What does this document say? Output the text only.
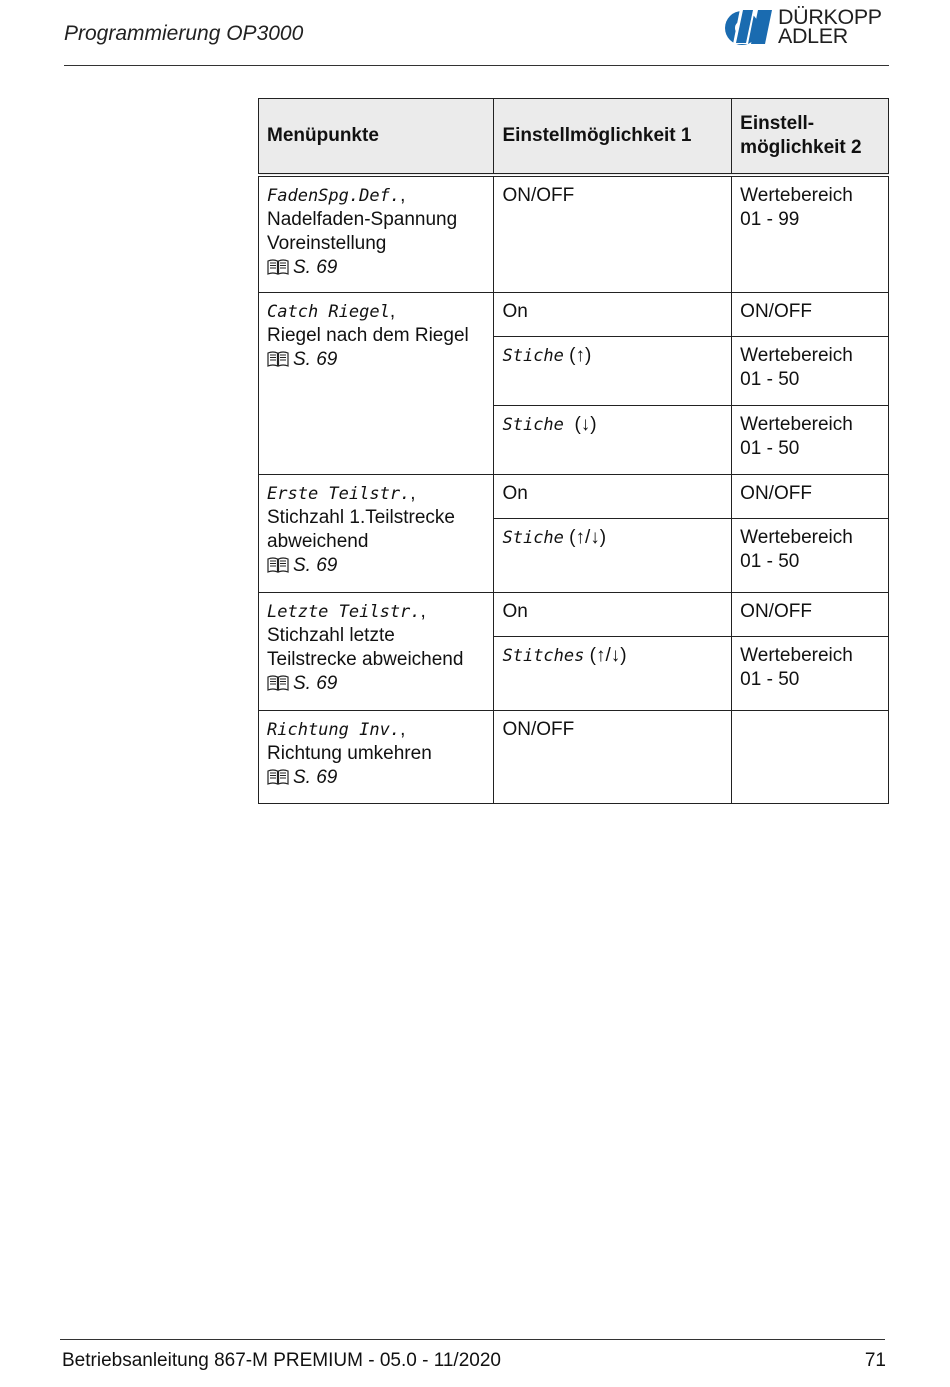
Programmierung OP3000
DÜRKOPP
ADLER
Menüpunkte	Einstellmöglichkeit 1	Einstell-
möglichkeit 2
FadenSpg.Def.,
Nadelfaden-Spannung
Voreinstellung
S. 69	ON/OFF	Wertebereich
01 - 99
Catch Riegel,
Riegel nach dem Riegel
S. 69	On	ON/OFF
	Stiche (↑)	Wertebereich
01 - 50
	Stiche  (↓)	Wertebereich
01 - 50
Erste Teilstr.,
Stichzahl 1.Teilstrecke
abweichend
S. 69	On	ON/OFF
	Stiche (↑/↓)	Wertebereich
01 - 50
Letzte Teilstr.,
Stichzahl letzte
Teilstrecke abweichend
S. 69	On	ON/OFF
	Stitches (↑/↓)	Wertebereich
01 - 50
Richtung Inv.,
Richtung umkehren
S. 69	ON/OFF	
Betriebsanleitung 867-M PREMIUM - 05.0 - 11/2020	71
